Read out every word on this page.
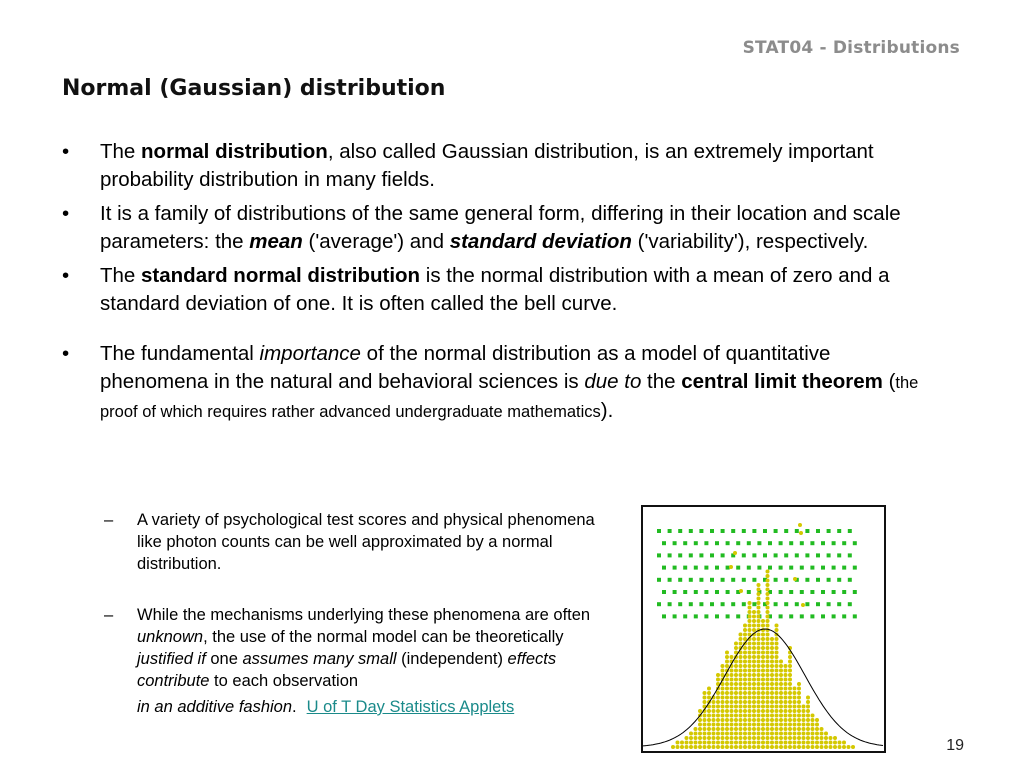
STAT04 - Distributions
Normal (Gaussian) distribution
• The normal distribution, also called Gaussian distribution, is an extremely important probability distribution in many fields.
• It is a family of distributions of the same general form, differing in their location and scale parameters: the mean ('average') and standard deviation ('variability'), respectively.
• The standard normal distribution is the normal distribution with a mean of zero and a standard deviation of one. It is often called the bell curve.
• The fundamental importance of the normal distribution as a model of quantitative phenomena in the natural and behavioral sciences is due to the central limit theorem (the proof of which requires rather advanced undergraduate mathematics).
–	A variety of psychological test scores and physical phenomena like photon counts can be well approximated by a normal distribution.
–	While the mechanisms underlying these phenomena are often unknown, the use of the normal model can be theoretically justified if one assumes many small (independent) effects contribute to each observation in an additive fashion. U of T Day Statistics Applets
19
